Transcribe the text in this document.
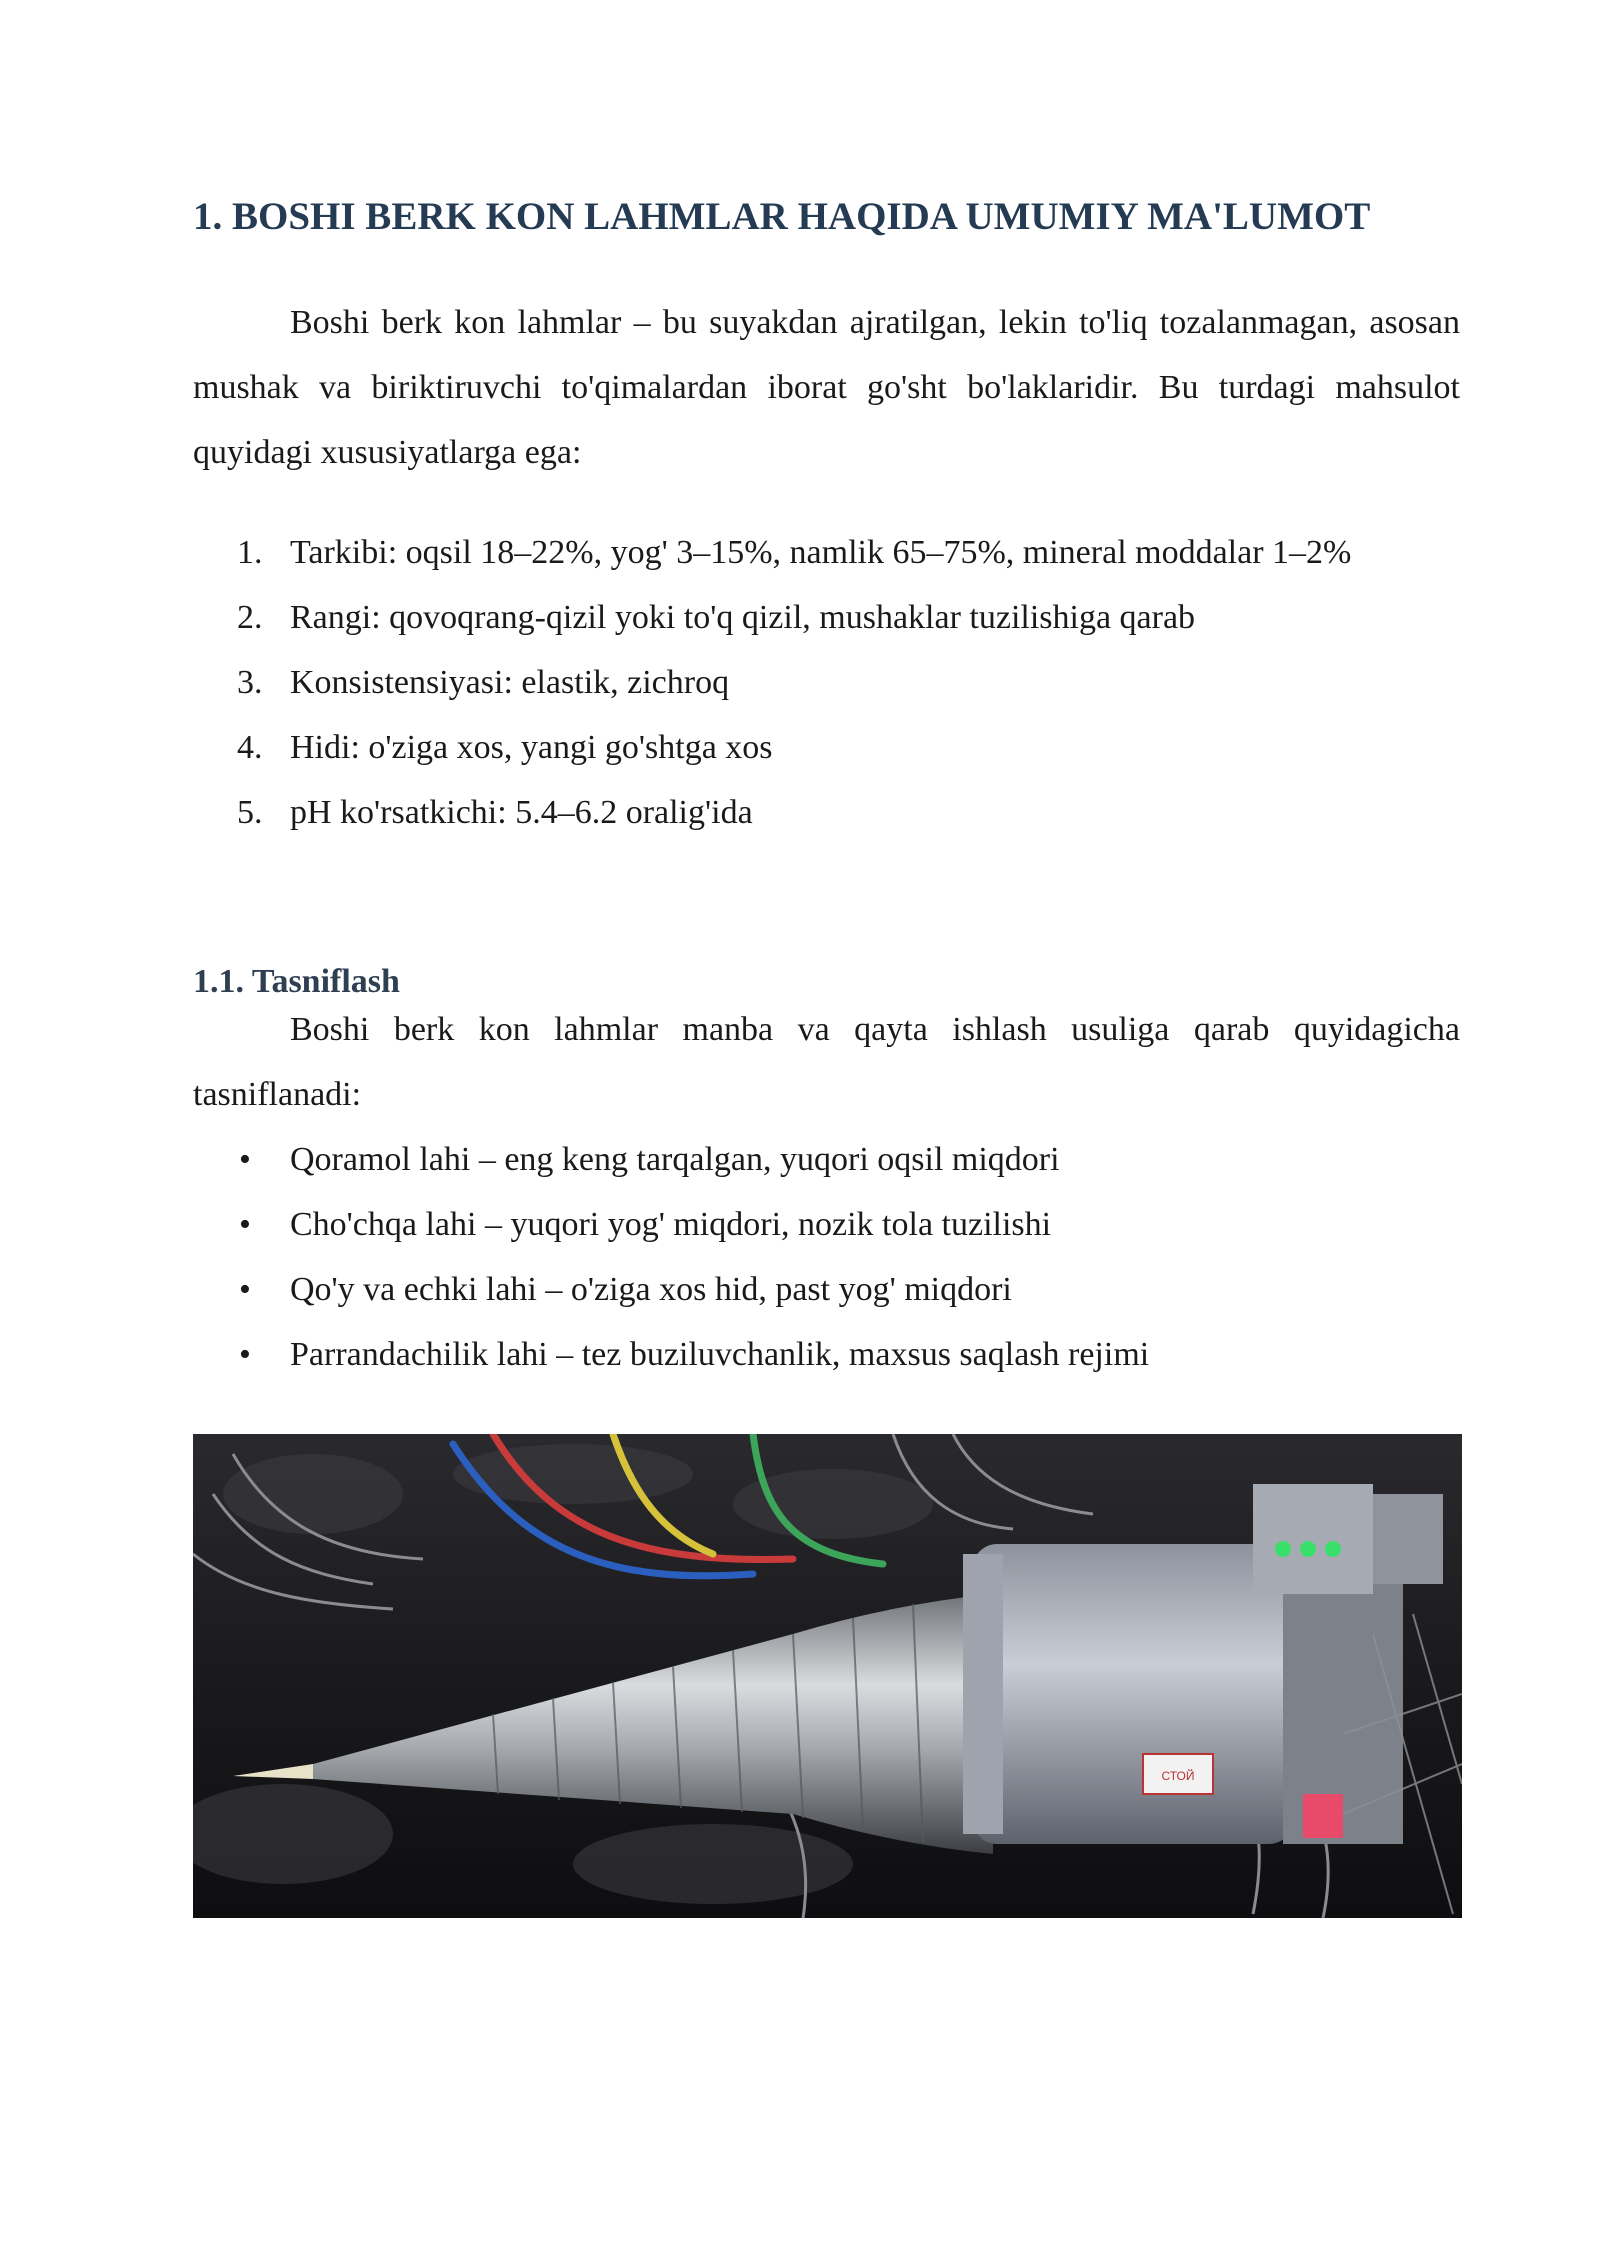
1. BOSHI BERK KON LAHMLAR HAQIDA UMUMIY MA'LUMOT

Boshi berk kon lahmlar – bu suyakdan ajratilgan, lekin to'liq tozalanmagan, asosan mushak va biriktiruvchi to'qimalardan iborat go'sht bo'laklaridir. Bu turdagi mahsulot quyidagi xususiyatlarga ega:

1. Tarkibi: oqsil 18–22%, yog' 3–15%, namlik 65–75%, mineral moddalar 1–2%
2. Rangi: qovoqrang-qizil yoki to'q qizil, mushaklar tuzilishiga qarab
3. Konsistensiyasi: elastik, zichroq
4. Hidi: o'ziga xos, yangi go'shtga xos
5. pH ko'rsatkichi: 5.4–6.2 oralig'ida
1.1. Tasniflash

Boshi berk kon lahmlar manba va qayta ishlash usuliga qarab quyidagicha tasniflanadi:

• Qoramol lahi – eng keng tarqalgan, yuqori oqsil miqdori
• Cho'chqa lahi – yuqori yog' miqdori, nozik tola tuzilishi
• Qo'y va echki lahi – o'ziga xos hid, past yog' miqdori
• Parrandachilik lahi – tez buziluvchanlik, maxsus saqlash rejimi
СТОЙ
